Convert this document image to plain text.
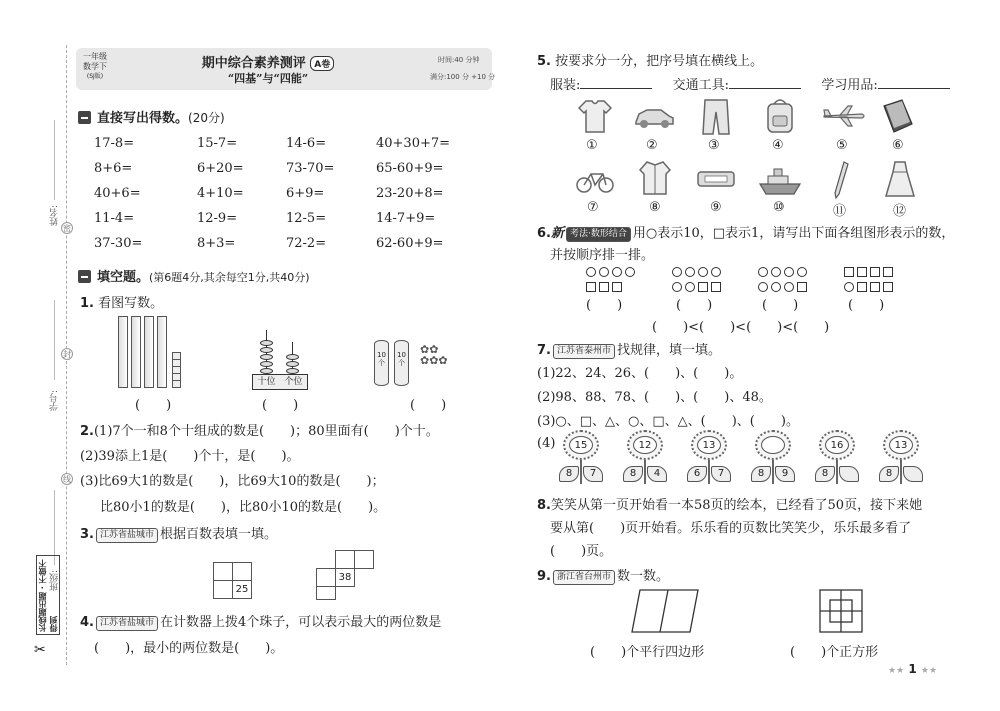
姓名:
密
学号:
封
线
班级:
长线题出题 · 不做不得到
✂
一年级
数学下
(SJ版)
期中综合素养测评 A卷
“四基”与“四能”
时间:40 分钟
满分:100 分 +10 分
直接写出得数。(20分)
17-8=	15-7=	14-6=	40+30+7=
8+6=	6+20=	73-70=	65-60+9=
40+6=	4+10=	6+9=	23-20+8=
11-4=	12-9=	12-5=	14-7+9=
37-30=	8+3=	72-2=	62-60+9=
填空题。(第6题4分,其余每空1分,共40分)
1. 看图写数。
(　　)
十位 个位
(　　)
10个
10个
✿✿
✿✿✿
(　　)
2.(1)7个一和8个十组成的数是(　　)；80里面有(　　)个十。
(2)39添上1是(　　)个十，是(　　)。
(3)比69大1的数是(　　)，比69大10的数是(　　)；
比80小1的数是(　　)，比80小10的数是(　　)。
3. 江苏省盐城市 根据百数表填一填。
25
38
4. 江苏省盐城市 在计数器上拨4个珠子，可以表示最大的两位数是
(　　)，最小的两位数是(　　)。
5. 按要求分一分，把序号填在横线上。
服装:	交通工具:	学习用品:
①	②	③	④	⑤	⑥
⑦	⑧	⑨	⑩	⑪	⑫
6.新 考法·数形结合 用○表示10，□表示1，请写出下面各组图形表示的数，
并按顺序排一排。
(　　)	(　　)	(　　)	(　　)
(　　)<(　　)<(　　)<(　　)
7. 江苏省泰州市 找规律，填一填。
(1)22、24、26、(　　)、(　　)。
(2)98、88、78、(　　)、(　　)、48。
(3)○、□、△、○、□、△、(　　)、(　　)。
(4)	15
8	7
12
8	4
13
6	7	8	9
16
8
13
8
8.笑笑从第一页开始看一本58页的绘本，已经看了50页，接下来她
要从第(　　)页开始看。乐乐看的页数比笑笑少，乐乐最多看了
(　　)页。
9. 浙江省台州市 数一数。
(　　)个平行四边形	(　　)个正方形
★★ 1 ★★
